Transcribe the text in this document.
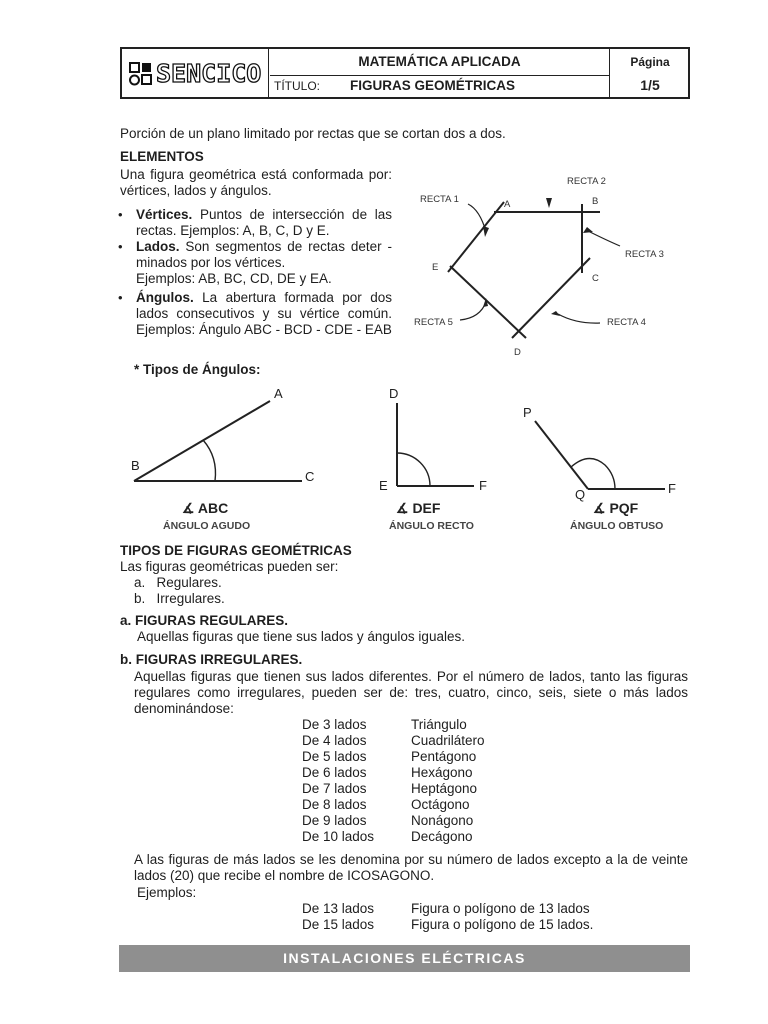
SENCICO	MATEMÁTICA APLICADA
TÍTULO: FIGURAS GEOMÉTRICAS
Página
1/5
Porción de un plano limitado por rectas que se cortan dos a dos.
ELEMENTOS
Una figura geométrica está conformada por: vértices, lados y ángulos.
• Vértices. Puntos de intersección de las rectas. Ejemplos: A, B, C, D y E.
• Lados. Son segmentos de rectas deter - minados por los vértices.
Ejemplos: AB, BC, CD, DE y EA.
• Ángulos. La abertura formada por dos lados consecutivos y su vértice común. Ejemplos: Ángulo ABC - BCD - CDE - EAB
RECTA 2
RECTA 1
RECTA 3
RECTA 4
RECTA 5
A	B
C
D
E
* Tipos de Ángulos:
A
B
C
∡ ABC
ÁNGULO AGUDO
D
E	F
∡ DEF
ÁNGULO RECTO
P
Q	F
∡ PQF
ÁNGULO OBTUSO
TIPOS DE FIGURAS GEOMÉTRICAS
Las figuras geométricas pueden ser:
a.   Regulares.
b.   Irregulares.
a. FIGURAS REGULARES.
Aquellas figuras que tiene sus lados y ángulos iguales.
b. FIGURAS IRREGULARES.
Aquellas figuras que tienen sus lados diferentes. Por el número de lados, tanto las figuras regulares como irregulares, pueden ser de: tres, cuatro, cinco, seis, siete o más lados denominándose:
De 3 lados	Triángulo
De 4 lados	Cuadrilátero
De 5 lados	Pentágono
De 6 lados	Hexágono
De 7 lados	Heptágono
De 8 lados	Octágono
De 9 lados	Nonágono
De 10 lados	Decágono
A las figuras de más lados se les denomina por su número de lados excepto a la de veinte lados (20) que recibe el nombre de ICOSAGONO.
Ejemplos:
De 13 lados	Figura o polígono de 13 lados
De 15 lados	Figura o polígono de 15 lados.
INSTALACIONES ELÉCTRICAS
